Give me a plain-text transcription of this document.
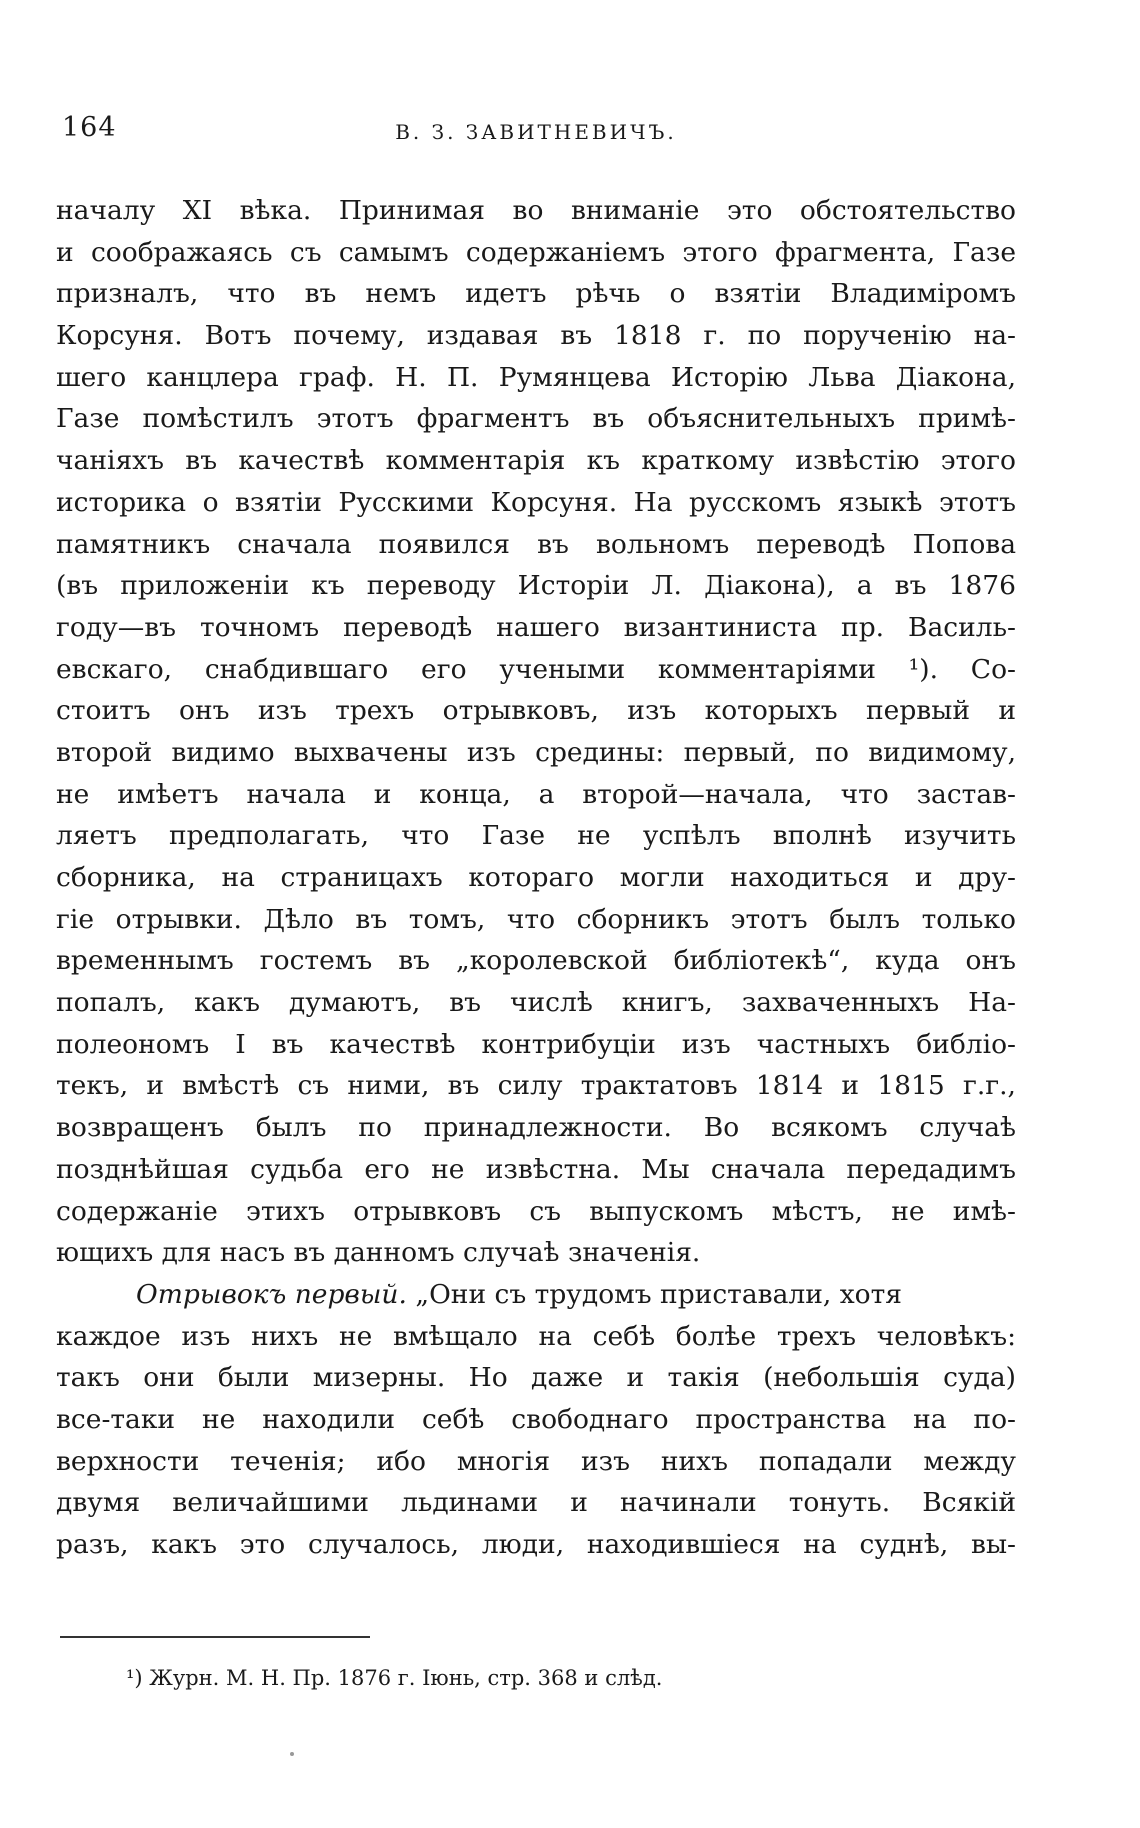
164	В. З. ЗАВИТНЕВИЧЪ.
началу XI вѣка. Принимая во вниманіе это обстоятельство
и соображаясь съ самымъ содержаніемъ этого фрагмента, Газе
призналъ, что въ немъ идетъ рѣчь о взятіи Владиміромъ
Корсуня. Вотъ почему, издавая въ 1818 г. по порученію на-
шего канцлера граф. Н. П. Румянцева Исторію Льва Діакона,
Газе помѣстилъ этотъ фрагментъ въ объяснительныхъ примѣ-
чаніяхъ въ качествѣ комментарія къ краткому извѣстію этого
историка о взятіи Русскими Корсуня. На русскомъ языкѣ этотъ
памятникъ сначала появился въ вольномъ переводѣ Попова
(въ приложеніи къ переводу Исторіи Л. Діакона), а въ 1876
году—въ точномъ переводѣ нашего византиниста пр. Василь-
евскаго, снабдившаго его учеными комментаріями ¹). Со-
стоитъ онъ изъ трехъ отрывковъ, изъ которыхъ первый и
второй видимо выхвачены изъ средины: первый, по видимому,
не имѣетъ начала и конца, а второй—начала, что застав-
ляетъ предполагать, что Газе не успѣлъ вполнѣ изучить
сборника, на страницахъ котораго могли находиться и дру-
гіе отрывки. Дѣло въ томъ, что сборникъ этотъ былъ только
временнымъ гостемъ въ „королевской библіотекѣ“, куда онъ
попалъ, какъ думаютъ, въ числѣ книгъ, захваченныхъ На-
полеономъ I въ качествѣ контрибуціи изъ частныхъ библіо-
текъ, и вмѣстѣ съ ними, въ силу трактатовъ 1814 и 1815 г.г.,
возвращенъ былъ по принадлежности. Во всякомъ случаѣ
позднѣйшая судьба его не извѣстна. Мы сначала передадимъ
содержаніе этихъ отрывковъ съ выпускомъ мѣстъ, не имѣ-
ющихъ для насъ въ данномъ случаѣ значенія.
Отрывокъ первый. „Они съ трудомъ приставали, хотя
каждое изъ нихъ не вмѣщало на себѣ болѣе трехъ человѣкъ:
такъ они были мизерны. Но даже и такія (небольшія суда)
все-таки не находили себѣ свободнаго пространства на по-
верхности теченія; ибо многія изъ нихъ попадали между
двумя величайшими льдинами и начинали тонуть. Всякій
разъ, какъ это случалось, люди, находившіеся на суднѣ, вы-
¹) Журн. М. Н. Пр. 1876 г. Іюнь, стр. 368 и слѣд.
